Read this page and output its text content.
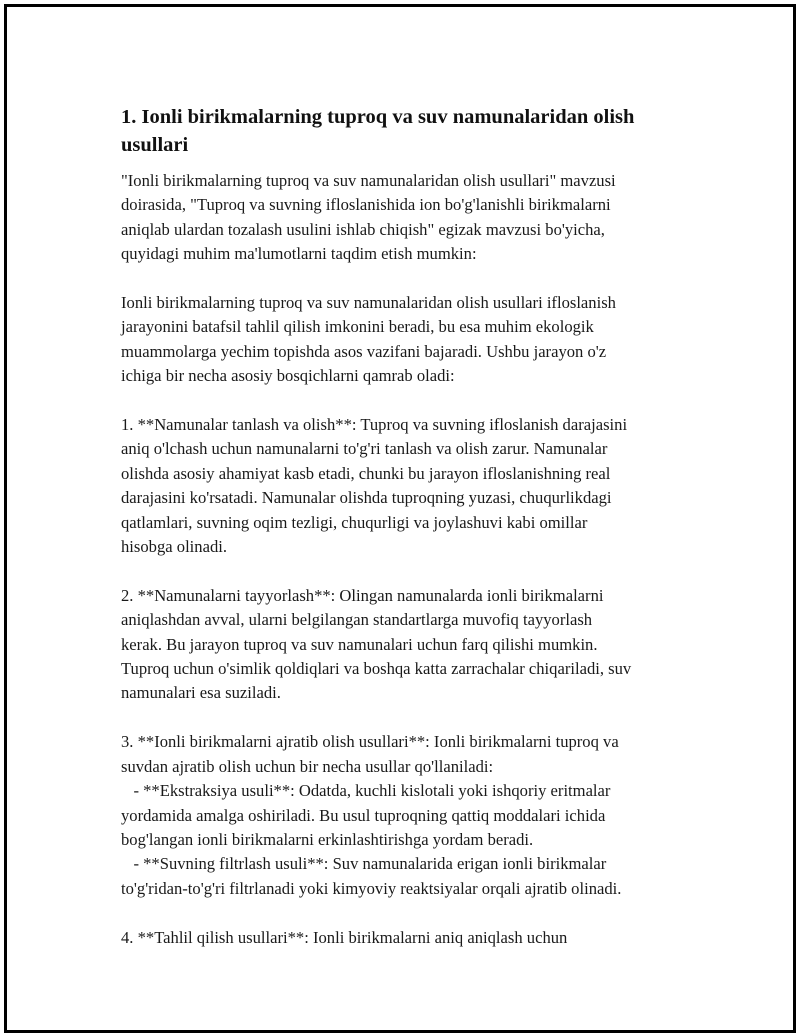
1. Ionli birikmalarning tuproq va suv namunalaridan olish
usullari
"Ionli birikmalarning tuproq va suv namunalaridan olish usullari" mavzusi
doirasida, "Tuproq va suvning ifloslanishida ion bo'g'lanishli birikmalarni
aniqlab ulardan tozalash usulini ishlab chiqish" egizak mavzusi bo'yicha,
quyidagi muhim ma'lumotlarni taqdim etish mumkin:
Ionli birikmalarning tuproq va suv namunalaridan olish usullari ifloslanish
jarayonini batafsil tahlil qilish imkonini beradi, bu esa muhim ekologik
muammolarga yechim topishda asos vazifani bajaradi. Ushbu jarayon o'z
ichiga bir necha asosiy bosqichlarni qamrab oladi:
1. **Namunalar tanlash va olish**: Tuproq va suvning ifloslanish darajasini
aniq o'lchash uchun namunalarni to'g'ri tanlash va olish zarur. Namunalar
olishda asosiy ahamiyat kasb etadi, chunki bu jarayon ifloslanishning real
darajasini ko'rsatadi. Namunalar olishda tuproqning yuzasi, chuqurlikdagi
qatlamlari, suvning oqim tezligi, chuqurligi va joylashuvi kabi omillar
hisobga olinadi.
2. **Namunalarni tayyorlash**: Olingan namunalarda ionli birikmalarni
aniqlashdan avval, ularni belgilangan standartlarga muvofiq tayyorlash
kerak. Bu jarayon tuproq va suv namunalari uchun farq qilishi mumkin.
Tuproq uchun o'simlik qoldiqlari va boshqa katta zarrachalar chiqariladi, suv
namunalari esa suziladi.
3. **Ionli birikmalarni ajratib olish usullari**: Ionli birikmalarni tuproq va
suvdan ajratib olish uchun bir necha usullar qo'llaniladi:
- **Ekstraksiya usuli**: Odatda, kuchli kislotali yoki ishqoriy eritmalar
yordamida amalga oshiriladi. Bu usul tuproqning qattiq moddalari ichida
bog'langan ionli birikmalarni erkinlashtirishga yordam beradi.
- **Suvning filtrlash usuli**: Suv namunalarida erigan ionli birikmalar
to'g'ridan-to'g'ri filtrlanadi yoki kimyoviy reaktsiyalar orqali ajratib olinadi.
4. **Tahlil qilish usullari**: Ionli birikmalarni aniq aniqlash uchun
